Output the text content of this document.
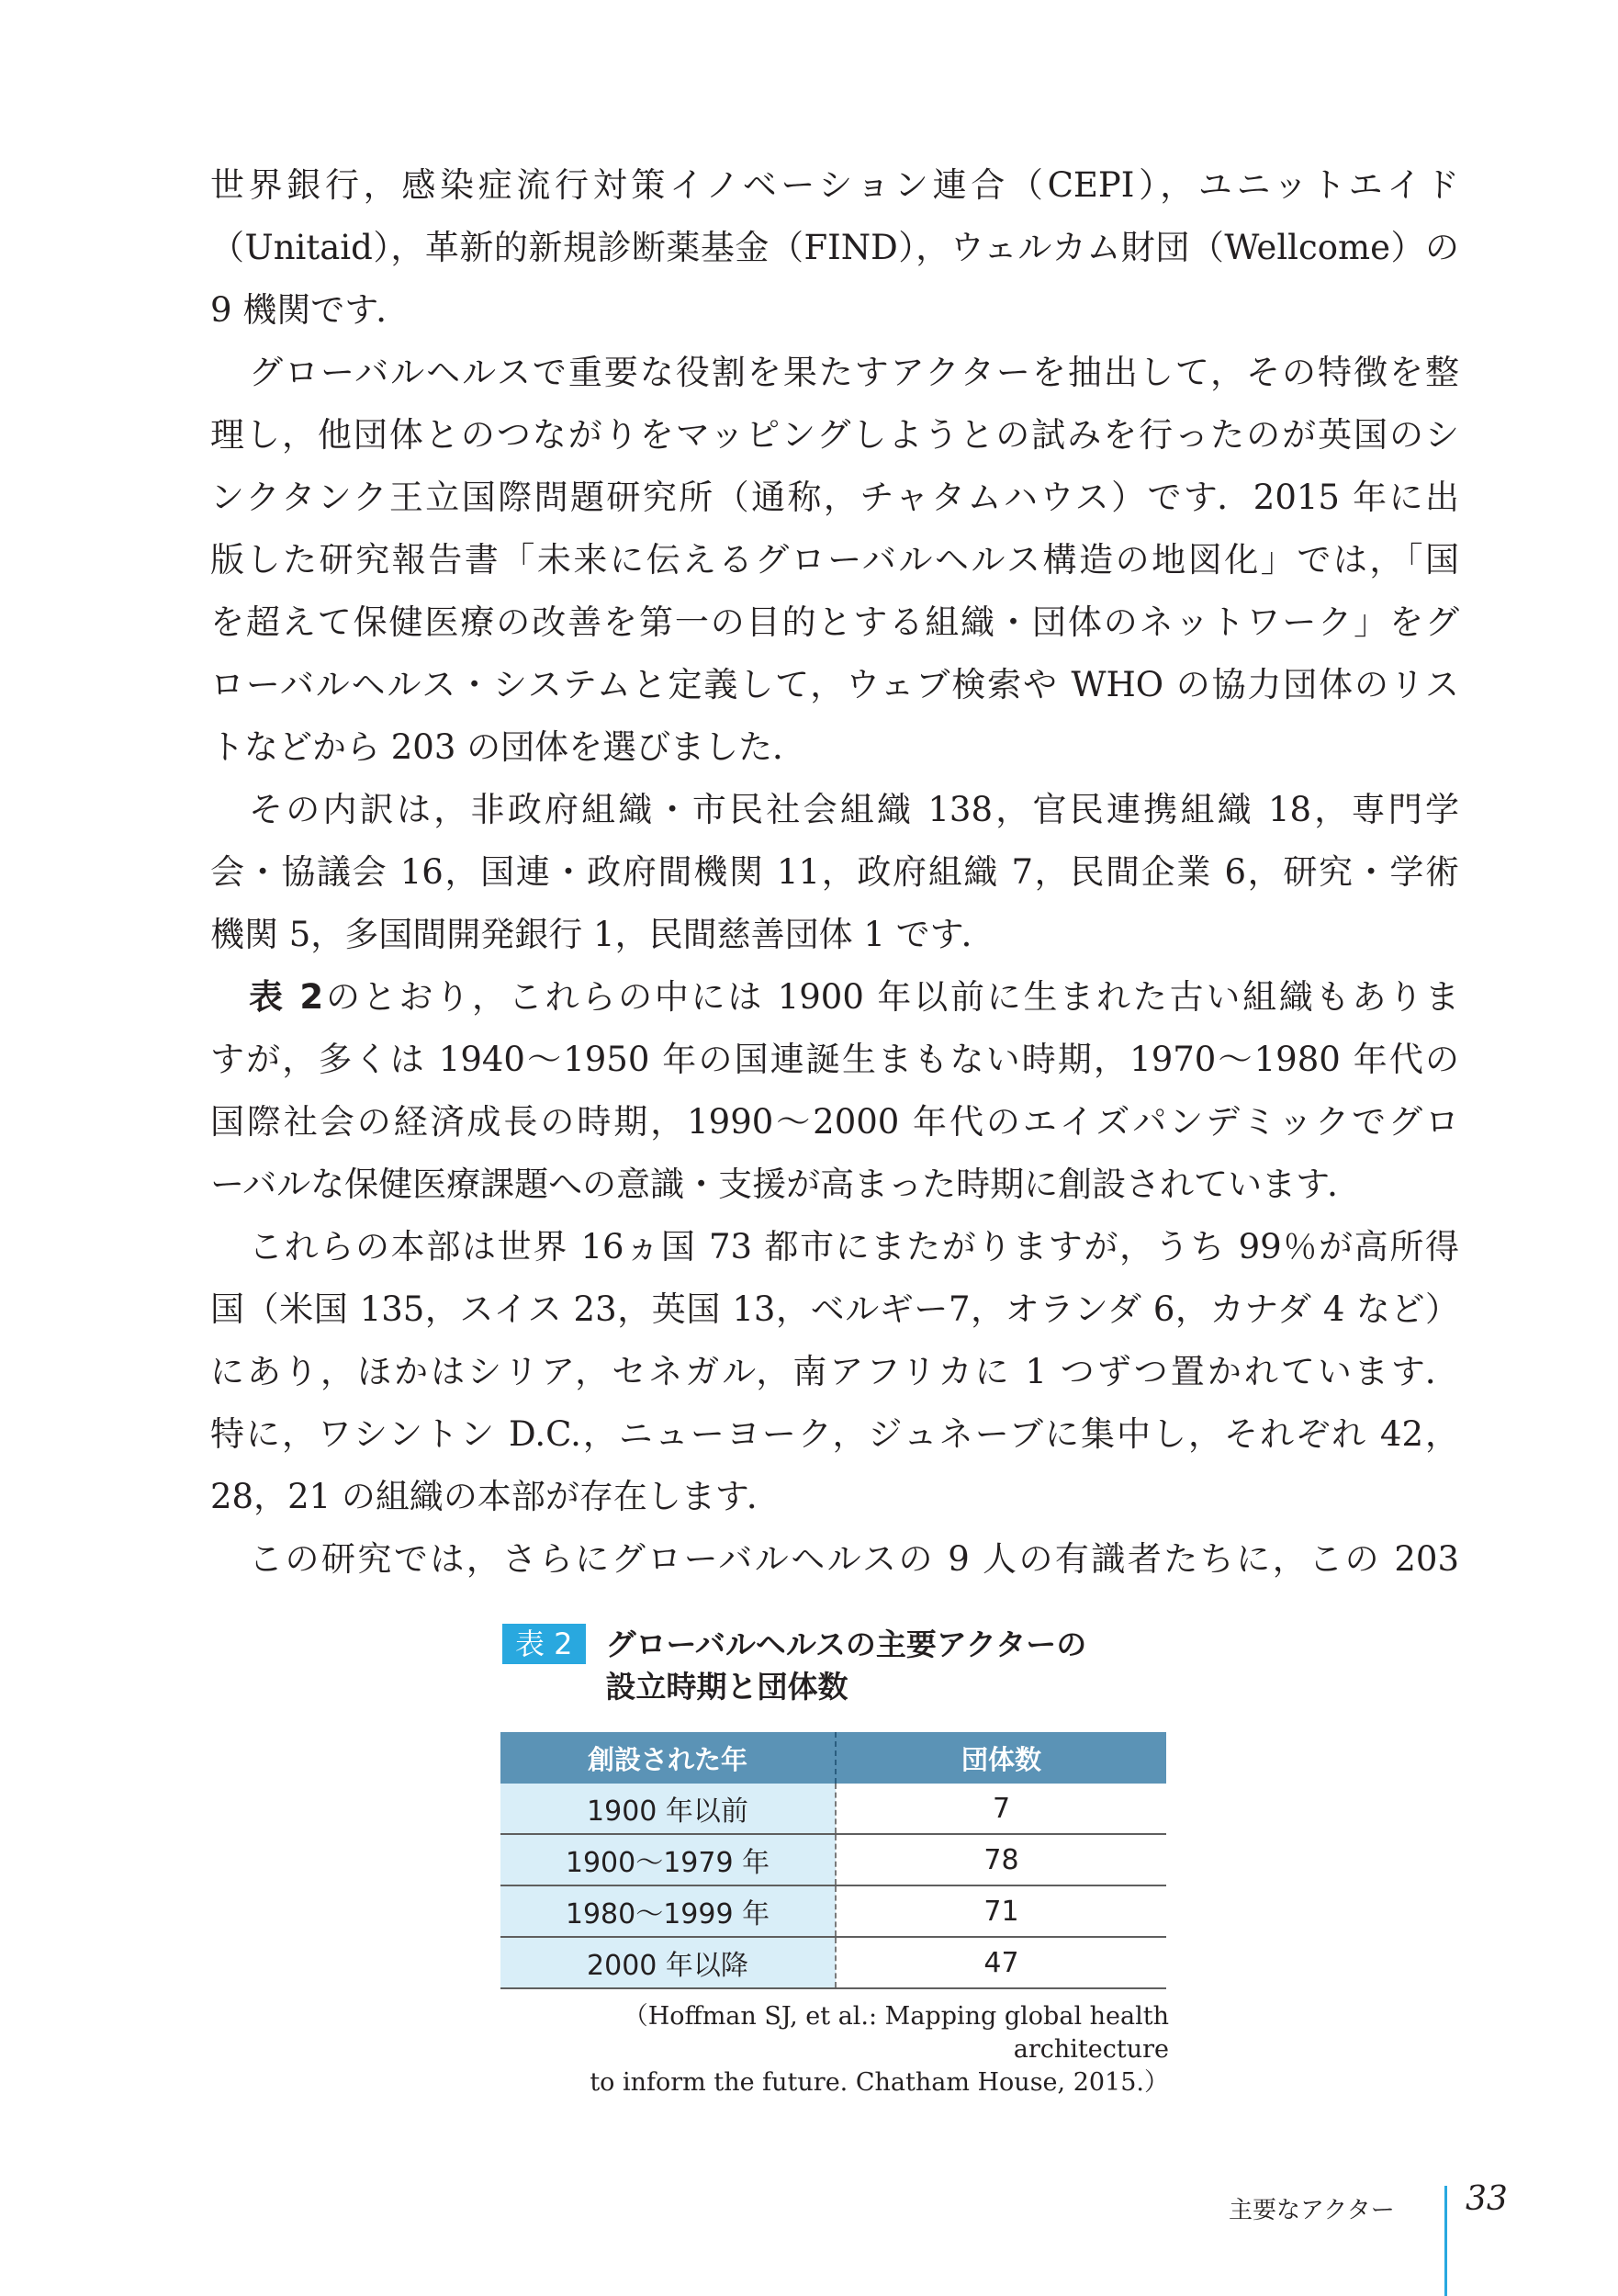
世界銀行，感染症流行対策イノベーション連合（CEPI），ユニットエイド
（Unitaid），革新的新規診断薬基金（FIND），ウェルカム財団（Wellcome）の
9 機関です．
グローバルヘルスで重要な役割を果たすアクターを抽出して，その特徴を整
理し，他団体とのつながりをマッピングしようとの試みを行ったのが英国のシ
ンクタンク王立国際問題研究所（通称，チャタムハウス）です．2015 年に出
版した研究報告書「未来に伝えるグローバルヘルス構造の地図化」では，「国
を超えて保健医療の改善を第一の目的とする組織・団体のネットワーク」をグ
ローバルヘルス・システムと定義して，ウェブ検索や WHO の協力団体のリス
トなどから 203 の団体を選びました．
その内訳は，非政府組織・市民社会組織 138，官民連携組織 18，専門学
会・協議会 16，国連・政府間機関 11，政府組織 7，民間企業 6，研究・学術
機関 5，多国間開発銀行 1，民間慈善団体 1 です．
表 2のとおり，これらの中には 1900 年以前に生まれた古い組織もありま
すが，多くは 1940～1950 年の国連誕生まもない時期，1970～1980 年代の
国際社会の経済成長の時期，1990～2000 年代のエイズパンデミックでグロ
ーバルな保健医療課題への意識・支援が高まった時期に創設されています．
これらの本部は世界 16ヵ国 73 都市にまたがりますが，うち 99％が高所得
国（米国 135，スイス 23，英国 13，ベルギー7，オランダ 6，カナダ 4 など）
にあり，ほかはシリア，セネガル，南アフリカに 1 つずつ置かれています．
特に，ワシントン D.C.，ニューヨーク，ジュネーブに集中し，それぞれ 42，
28，21 の組織の本部が存在します．
この研究では，さらにグローバルヘルスの 9 人の有識者たちに，この 203
表 2	グローバルヘルスの主要アクターの
設立時期と団体数
創設された年	団体数
1900 年以前	7
1900～1979 年	78
1980～1999 年	71
2000 年以降	47
（Hoffman SJ, et al.: Mapping global health architecture
to inform the future. Chatham House, 2015.）
主要なアクター 33
